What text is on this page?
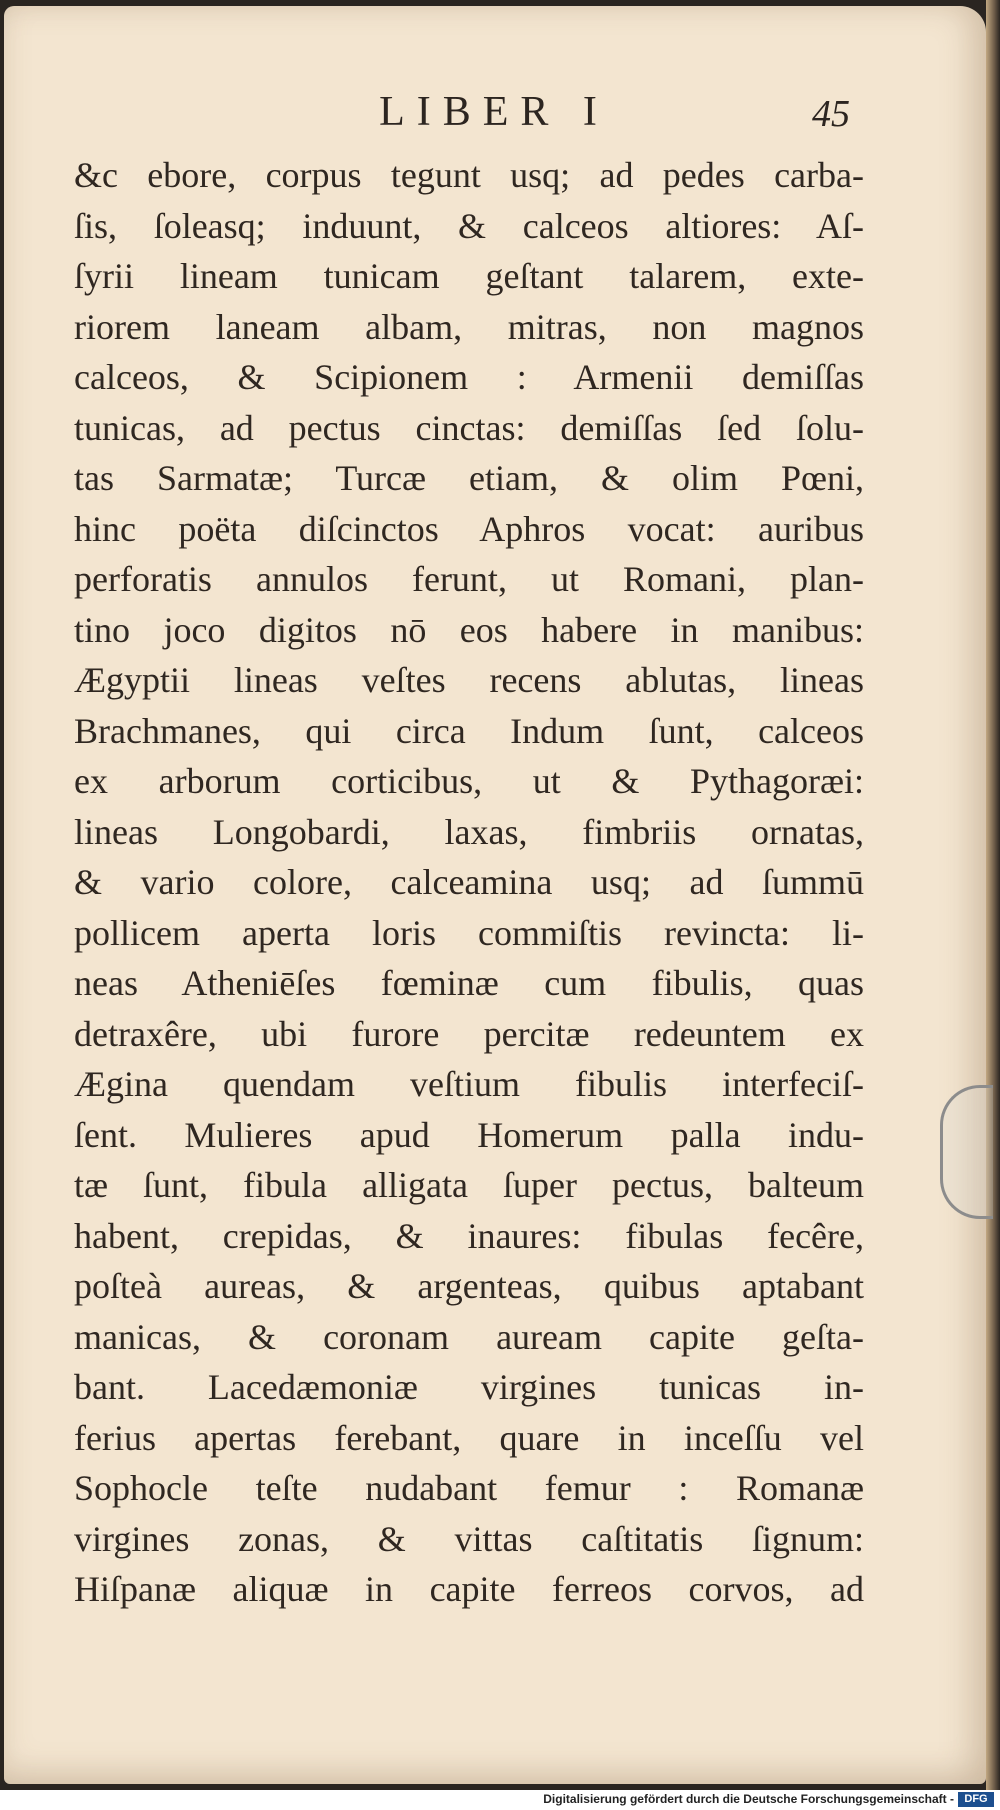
LIBER I	45
&c ebore, corpus tegunt usq; ad pedes carba-
ſis, ſoleasq; induunt, & calceos altiores: Aſ-
ſyrii lineam tunicam geſtant talarem, exte-
riorem laneam albam, mitras, non magnos
calceos, & Scipionem : Armenii demiſſas
tunicas, ad pectus cinctas: demiſſas ſed ſolu-
tas Sarmatæ; Turcæ etiam, & olim Pœni,
hinc poëta diſcinctos Aphros vocat: auribus
perforatis annulos ferunt, ut Romani, plan-
tino joco digitos nō eos habere in manibus:
Ægyptii lineas veſtes recens ablutas, lineas
Brachmanes, qui circa Indum ſunt, calceos
ex arborum corticibus, ut & Pythagoræi:
lineas Longobardi, laxas, fimbriis ornatas,
& vario colore, calceamina usq; ad ſummū
pollicem aperta loris commiſtis revincta: li-
neas Atheniēſes fœminæ cum fibulis, quas
detraxêre, ubi furore percitæ redeuntem ex
Ægina quendam veſtium fibulis interfeciſ-
ſent. Mulieres apud Homerum palla indu-
tæ ſunt, fibula alligata ſuper pectus, balteum
habent, crepidas, & inaures: fibulas fecêre,
poſteà aureas, & argenteas, quibus aptabant
manicas, & coronam auream capite geſta-
bant. Lacedæmoniæ virgines tunicas in-
ferius apertas ferebant, quare in inceſſu vel
Sophocle teſte nudabant femur : Romanæ
virgines zonas, & vittas caſtitatis ſignum:
Hiſpanæ aliquæ in capite ferreos corvos, ad
Digitalisierung gefördert durch die Deutsche Forschungsgemeinschaft - DFG
